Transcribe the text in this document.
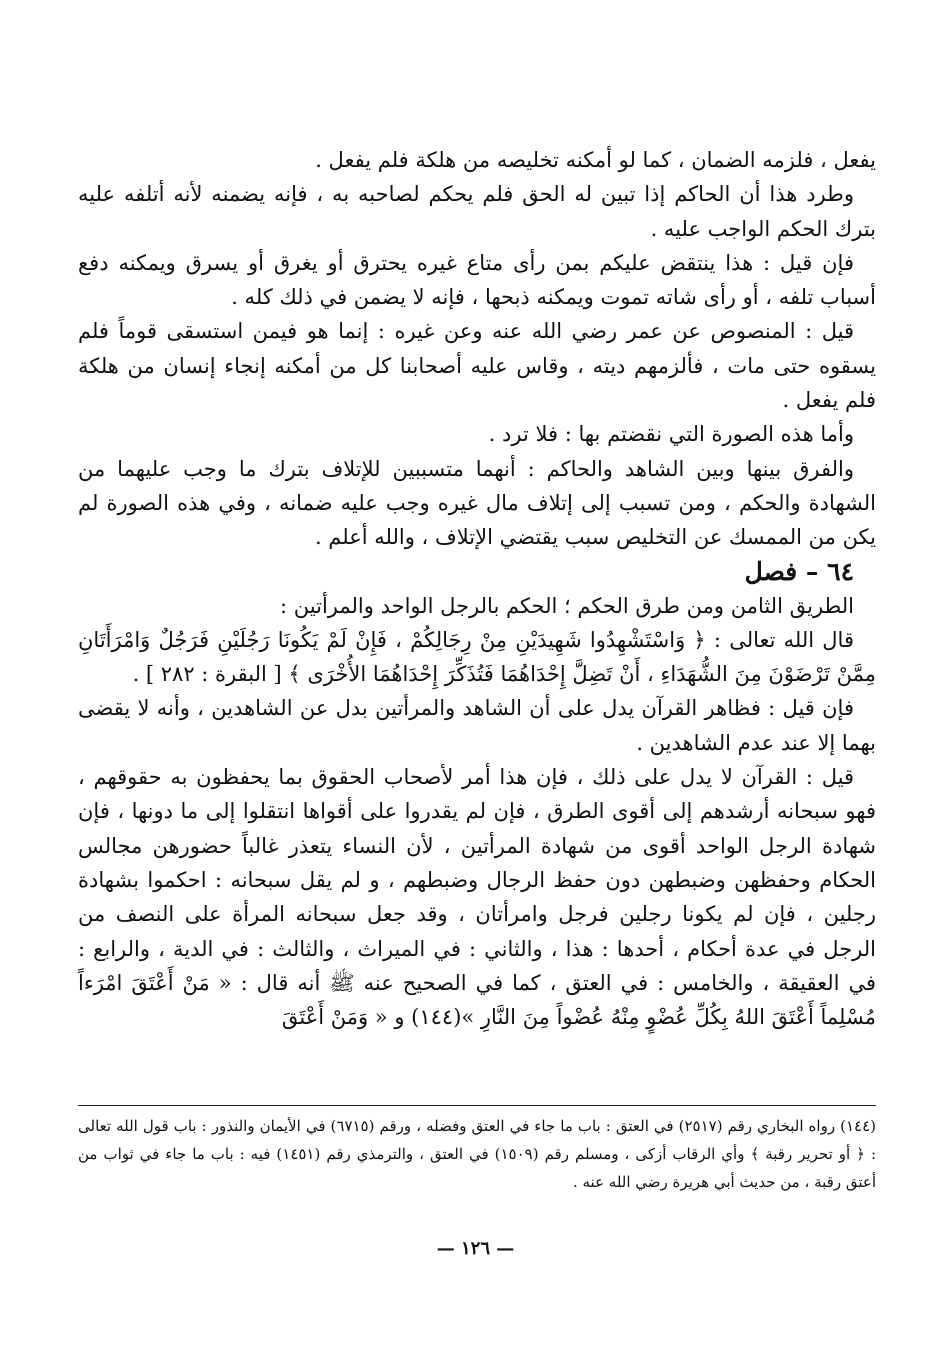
يفعل ، فلزمه الضمان ، كما لو أمكنه تخليصه من هلكة فلم يفعل .

وطرد هذا أن الحاكم إذا تبين له الحق فلم يحكم لصاحبه به ، فإنه يضمنه لأنه أتلفه عليه بترك الحكم الواجب عليه .

فإن قيل : هذا ينتقض عليكم بمن رأى متاع غيره يحترق أو يغرق أو يسرق ويمكنه دفع أسباب تلفه ، أو رأى شاته تموت ويمكنه ذبحها ، فإنه لا يضمن في ذلك كله .

قيل : المنصوص عن عمر رضي الله عنه وعن غيره : إنما هو فيمن استسقى قوماً فلم يسقوه حتى مات ، فألزمهم ديته ، وقاس عليه أصحابنا كل من أمكنه إنجاء إنسان من هلكة فلم يفعل .

وأما هذه الصورة التي نقضتم بها : فلا ترد .

والفرق بينها وبين الشاهد والحاكم : أنهما متسببين للإتلاف بترك ما وجب عليهما من الشهادة والحكم ، ومن تسبب إلى إتلاف مال غيره وجب عليه ضمانه ، وفي هذه الصورة لم يكن من الممسك عن التخليص سبب يقتضي الإتلاف ، والله أعلم .

٦٤ – فصل

الطريق الثامن ومن طرق الحكم ؛ الحكم بالرجل الواحد والمرأتين :

قال الله تعالى : ﴿ وَاسْتَشْهِدُوا شَهِيدَيْنِ مِنْ رِجَالِكُمْ ، فَإِنْ لَمْ يَكُونَا رَجُلَيْنِ فَرَجُلٌ وَامْرَأَتَانِ مِمَّنْ تَرْضَوْنَ مِنَ الشُّهَدَاءِ ، أَنْ تَضِلَّ إِحْدَاهُمَا فَتُذَكِّرَ إِحْدَاهُمَا الأُخْرَى ﴾ [ البقرة : ٢٨٢ ] .

فإن قيل : فظاهر القرآن يدل على أن الشاهد والمرأتين بدل عن الشاهدين ، وأنه لا يقضى بهما إلا عند عدم الشاهدين .

قيل : القرآن لا يدل على ذلك ، فإن هذا أمر لأصحاب الحقوق بما يحفظون به حقوقهم ، فهو سبحانه أرشدهم إلى أقوى الطرق ، فإن لم يقدروا على أقواها انتقلوا إلى ما دونها ، فإن شهادة الرجل الواحد أقوى من شهادة المرأتين ، لأن النساء يتعذر غالباً حضورهن مجالس الحكام وحفظهن وضبطهن دون حفظ الرجال وضبطهم ، و لم يقل سبحانه : احكموا بشهادة رجلين ، فإن لم يكونا رجلين فرجل وامرأتان ، وقد جعل سبحانه المرأة على النصف من الرجل في عدة أحكام ، أحدها : هذا ، والثاني : في الميراث ، والثالث : في الدية ، والرابع : في العقيقة ، والخامس : في العتق ، كما في الصحيح عنه ﷺ أنه قال : « مَنْ أَعْتَقَ امْرَءاً مُسْلِماً أَعْتَقَ اللهُ بِكُلِّ عُضْوٍ مِنْهُ عُضْواً مِنَ النَّارِ »(١٤٤) و « وَمَنْ أَعْتَقَ

(١٤٤) رواه البخاري رقم (٢٥١٧) في العتق : باب ما جاء في العتق وفضله ، ورقم (٦٧١٥) في الأيمان والنذور : باب قول الله تعالى : ﴿ أو تحرير رقبة ﴾ وأي الرقاب أزكى ، ومسلم رقم (١٥٠٩) في العتق ، والترمذي رقم (١٤٥١) فيه : باب ما جاء في ثواب من أعتق رقبة ، من حديث أبي هريرة رضي الله عنه .

— ١٢٦ —
